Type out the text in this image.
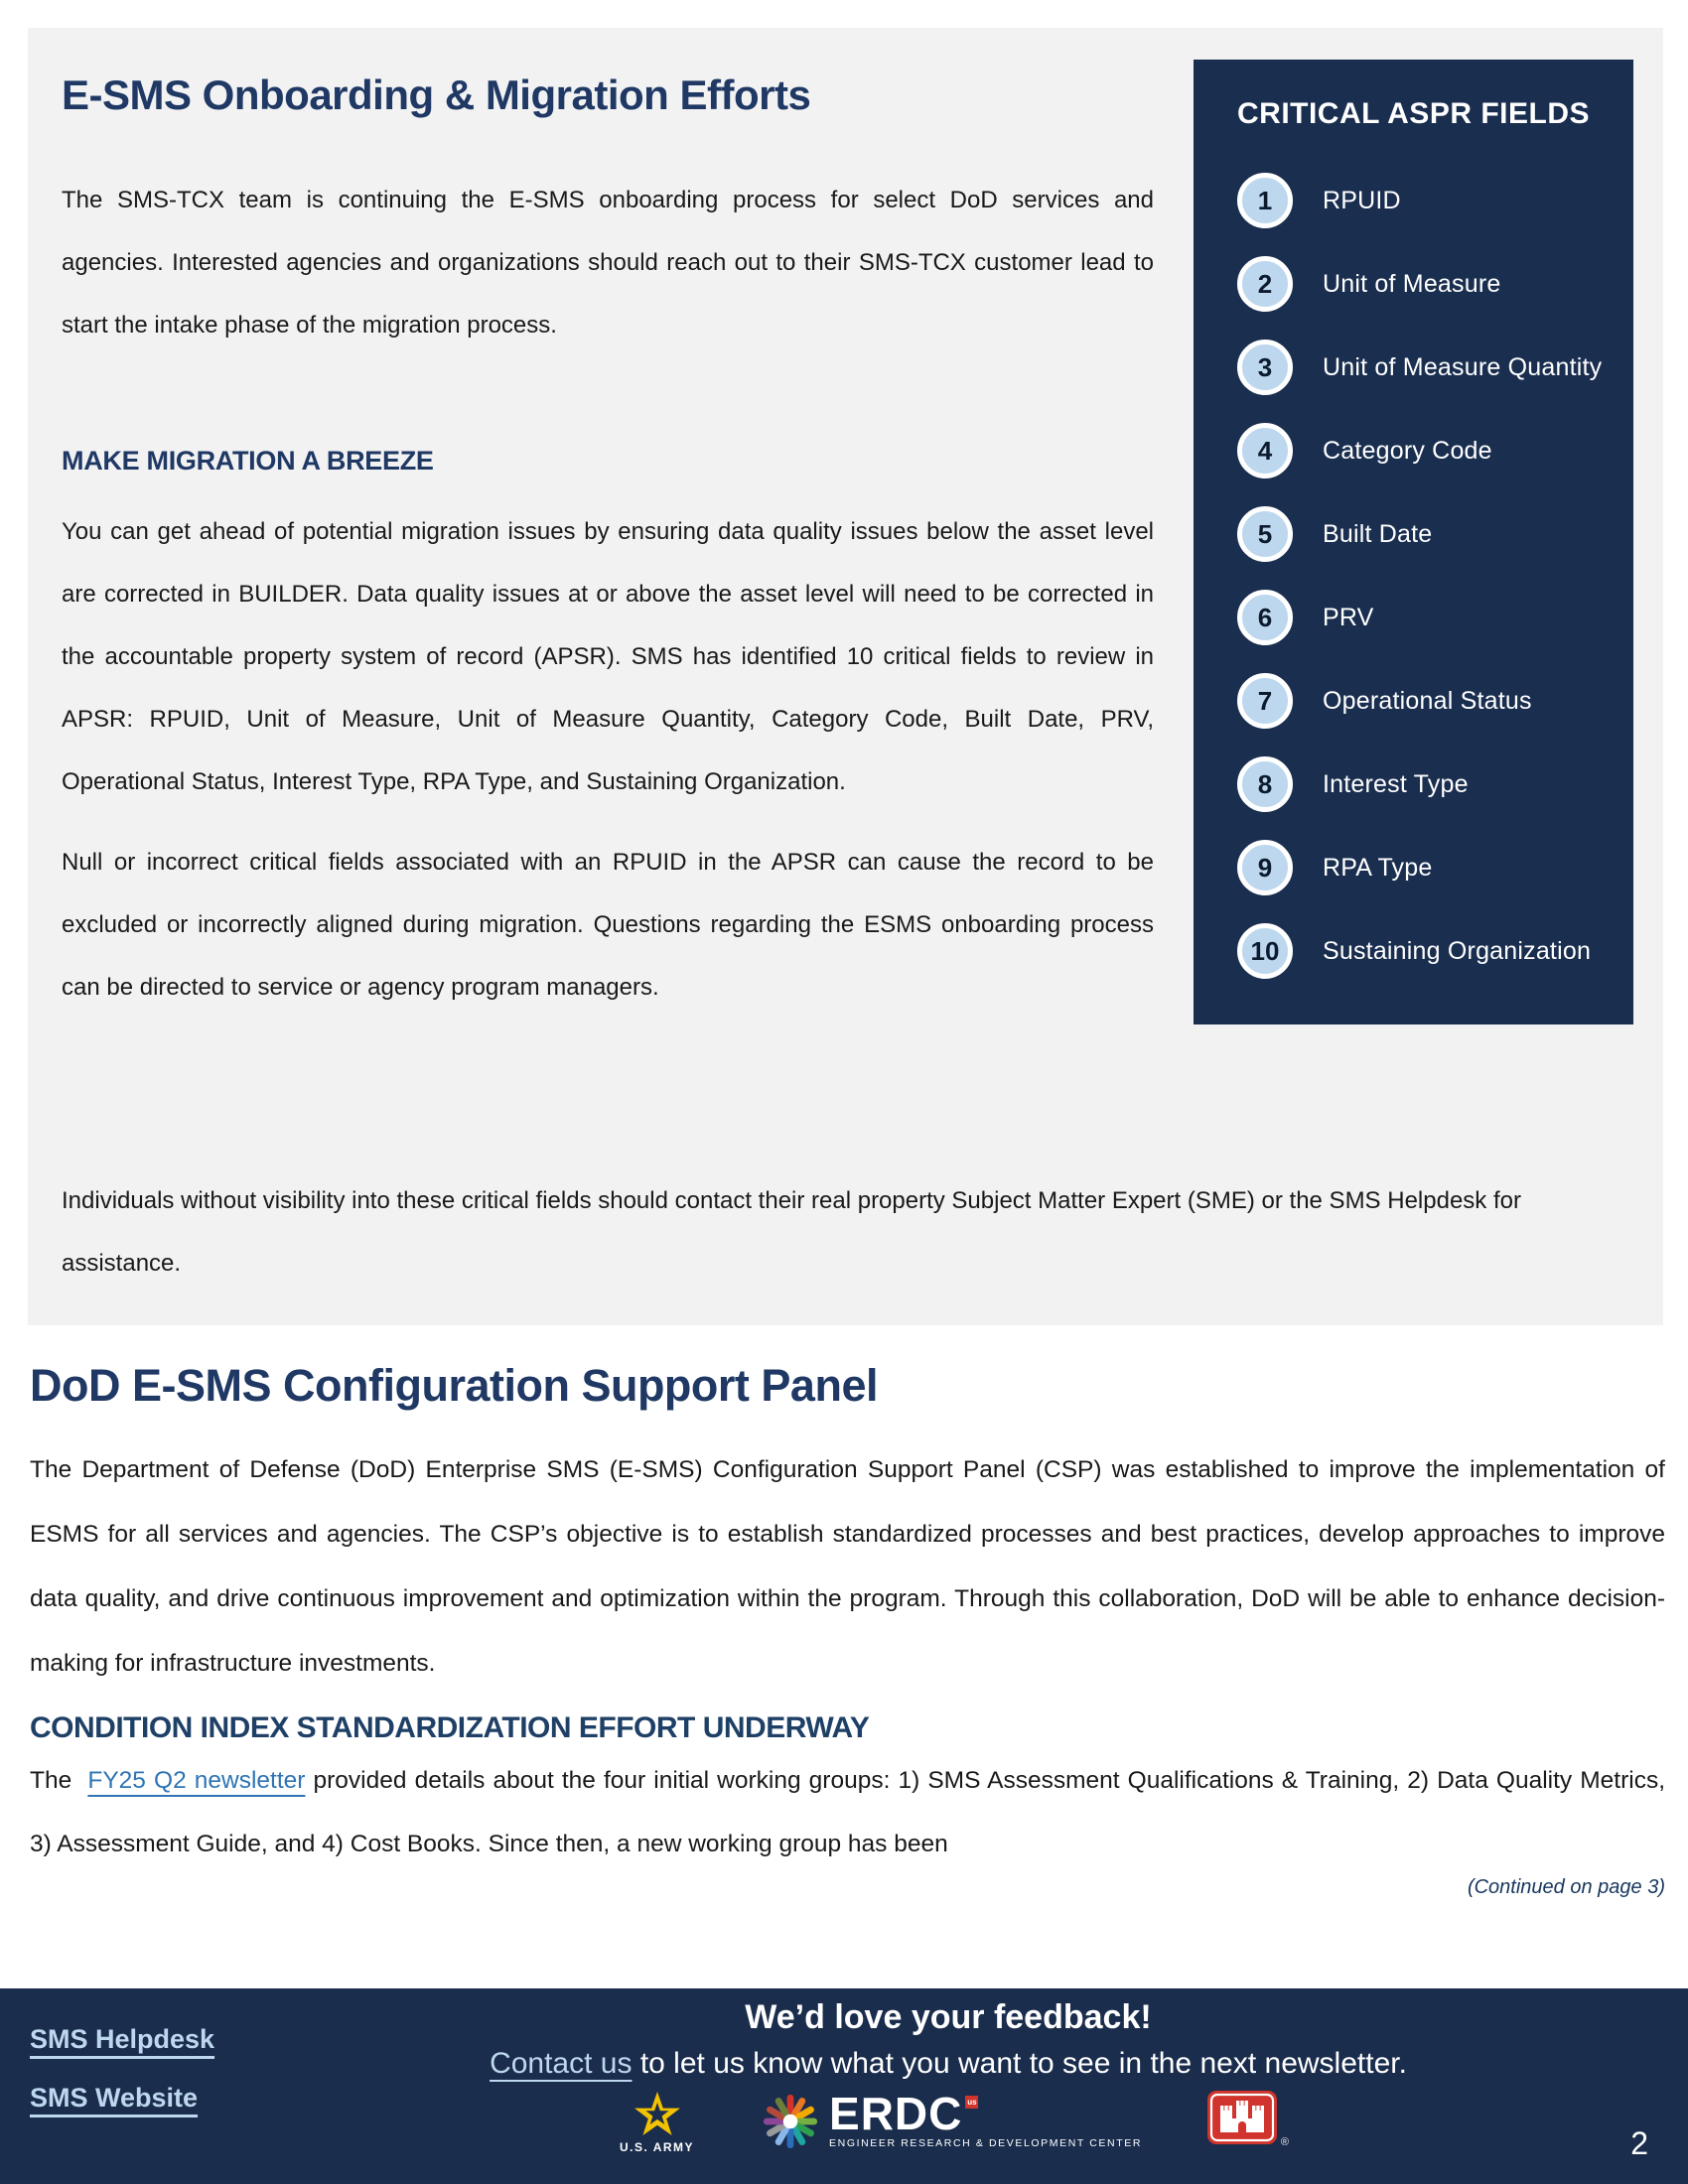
E-SMS Onboarding & Migration Efforts

The SMS-TCX team is continuing the E-SMS onboarding process for select DoD services and agencies. Interested agencies and organizations should reach out to their SMS-TCX customer lead to start the intake phase of the migration process.

MAKE MIGRATION A BREEZE

You can get ahead of potential migration issues by ensuring data quality issues below the asset level are corrected in BUILDER. Data quality issues at or above the asset level will need to be corrected in the accountable property system of record (APSR). SMS has identified 10 critical fields to review in APSR: RPUID, Unit of Measure, Unit of Measure Quantity, Category Code, Built Date, PRV, Operational Status, Interest Type, RPA Type, and Sustaining Organization.

Null or incorrect critical fields associated with an RPUID in the APSR can cause the record to be excluded or incorrectly aligned during migration. Questions regarding the ESMS onboarding process can be directed to service or agency program managers.

CRITICAL ASPR FIELDS
1	RPUID
2	Unit of Measure
3	Unit of Measure Quantity
4	Category Code
5	Built Date
6	PRV
7	Operational Status
8	Interest Type
9	RPA Type
10	Sustaining Organization

Individuals without visibility into these critical fields should contact their real property Subject Matter Expert (SME) or the SMS Helpdesk for assistance.

DoD E-SMS Configuration Support Panel

The Department of Defense (DoD) Enterprise SMS (E-SMS) Configuration Support Panel (CSP) was established to improve the implementation of ESMS for all services and agencies. The CSP’s objective is to establish standardized processes and best practices, develop approaches to improve data quality, and drive continuous improvement and optimization within the program. Through this collaboration, DoD will be able to enhance decision-making for infrastructure investments.

CONDITION INDEX STANDARDIZATION EFFORT UNDERWAY

The FY25 Q2 newsletter provided details about the four initial working groups: 1) SMS Assessment Qualifications & Training, 2) Data Quality Metrics, 3) Assessment Guide, and 4) Cost Books. Since then, a new working group has been

(Continued on page 3)

SMS Helpdesk
SMS Website
We’d love your feedback!
Contact us to let us know what you want to see in the next newsletter.
U.S. ARMY
ERDC us
ENGINEER RESEARCH & DEVELOPMENT CENTER	®	2
